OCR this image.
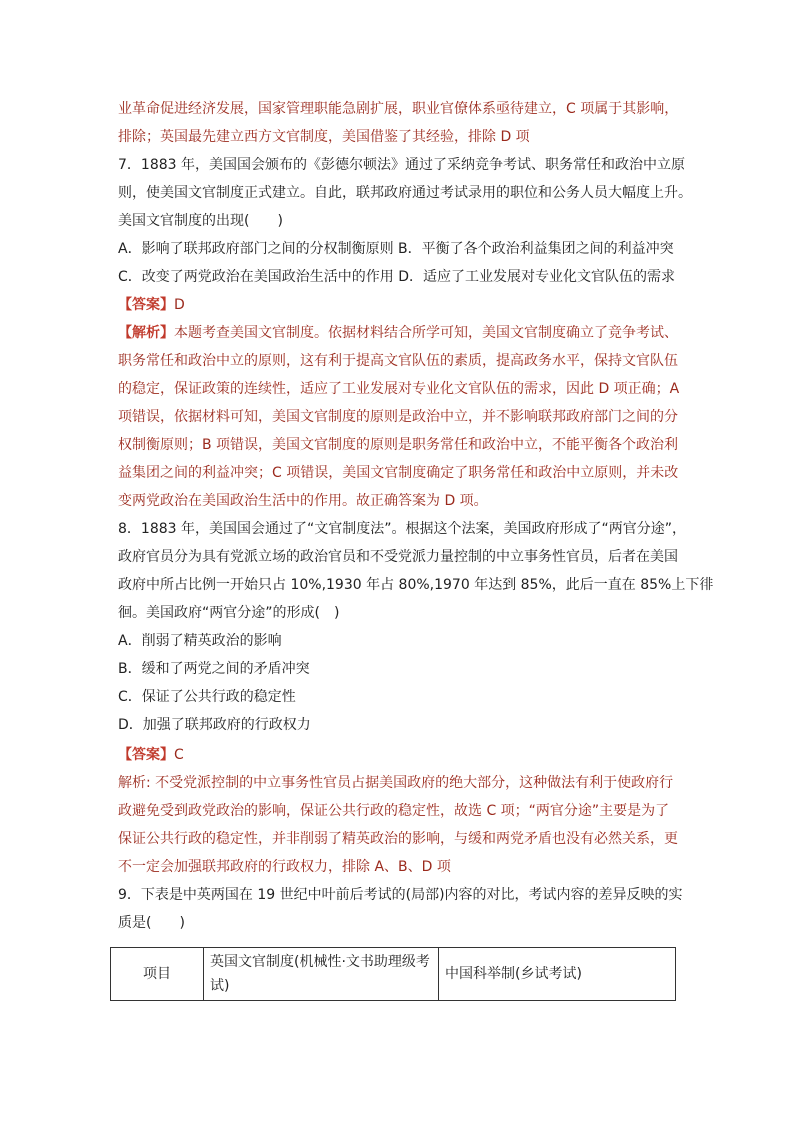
业革命促进经济发展，国家管理职能急剧扩展，职业官僚体系亟待建立，C 项属于其影响，
排除；英国最先建立西方文官制度，美国借鉴了其经验，排除 D 项
7．1883 年，美国国会颁布的《彭德尔顿法》通过了采纳竞争考试、职务常任和政治中立原
则，使美国文官制度正式建立。自此，联邦政府通过考试录用的职位和公务人员大幅度上升。
美国文官制度的出现(　　)
A．影响了联邦政府部门之间的分权制衡原则 B．平衡了各个政治利益集团之间的利益冲突
C．改变了两党政治在美国政治生活中的作用 D．适应了工业发展对专业化文官队伍的需求
【答案】D
【解析】本题考查美国文官制度。依据材料结合所学可知，美国文官制度确立了竞争考试、
职务常任和政治中立的原则，这有利于提高文官队伍的素质，提高政务水平，保持文官队伍
的稳定，保证政策的连续性，适应了工业发展对专业化文官队伍的需求，因此 D 项正确；A
项错误，依据材料可知，美国文官制度的原则是政治中立，并不影响联邦政府部门之间的分
权制衡原则；B 项错误，美国文官制度的原则是职务常任和政治中立，不能平衡各个政治利
益集团之间的利益冲突；C 项错误，美国文官制度确定了职务常任和政治中立原则，并未改
变两党政治在美国政治生活中的作用。故正确答案为 D 项。
8．1883 年，美国国会通过了“文官制度法”。根据这个法案，美国政府形成了“两官分途”，
政府官员分为具有党派立场的政治官员和不受党派力量控制的中立事务性官员，后者在美国
政府中所占比例一开始只占 10%,1930 年占 80%,1970 年达到 85%，此后一直在 85%上下徘
徊。美国政府“两官分途”的形成(　)
A．削弱了精英政治的影响
B．缓和了两党之间的矛盾冲突
C．保证了公共行政的稳定性
D．加强了联邦政府的行政权力
【答案】C
解析: 不受党派控制的中立事务性官员占据美国政府的绝大部分，这种做法有利于使政府行
政避免受到政党政治的影响，保证公共行政的稳定性，故选 C 项；“两官分途”主要是为了
保证公共行政的稳定性，并非削弱了精英政治的影响，与缓和两党矛盾也没有必然关系，更
不一定会加强联邦政府的行政权力，排除 A、B、D 项
9．下表是中英两国在 19 世纪中叶前后考试的(局部)内容的对比，考试内容的差异反映的实
质是(　　)
项目	英国文官制度(机械性·文书助理级考试)	中国科举制(乡试考试)
